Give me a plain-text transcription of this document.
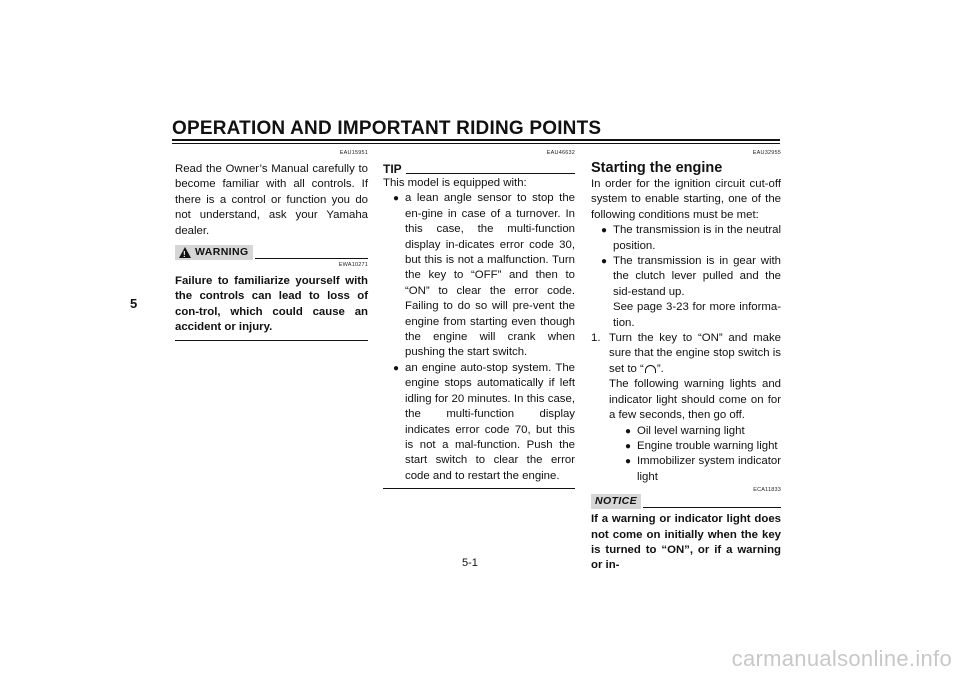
OPERATION AND IMPORTANT RIDING POINTS
5
EAU15951
Read the Owner’s Manual carefully to become familiar with all controls. If there is a control or function you do not understand, ask your Yamaha dealer.
!
WARNING
EWA10271
Failure to familiarize yourself with the controls can lead to loss of con-trol, which could cause an accident or injury.
EAU46632
TIP
This model is equipped with:
● a lean angle sensor to stop the en-gine in case of a turnover. In this case, the multi-function display in-dicates error code 30, but this is not a malfunction. Turn the key to “OFF” and then to “ON” to clear the error code. Failing to do so will pre-vent the engine from starting even though the engine will crank when pushing the start switch.
● an engine auto-stop system. The engine stops automatically if left idling for 20 minutes. In this case, the multi-function display indicates error code 70, but this is not a mal-function. Push the start switch to clear the error code and to restart the engine.
EAU32955
Starting the engine
In order for the ignition circuit cut-off system to enable starting, one of the following conditions must be met:
● The transmission is in the neutral position.
● The transmission is in gear with the clutch lever pulled and the sid-estand up.
See page 3-23 for more informa-tion.
1. Turn the key to “ON” and make sure that the engine stop switch is set to “ ”.
The following warning lights and indicator light should come on for a few seconds, then go off.
● Oil level warning light
● Engine trouble warning light
● Immobilizer system indicator light
ECA11833
NOTICE
If a warning or indicator light does not come on initially when the key is turned to “ON”, or if a warning or in-
5-1
carmanualsonline.info
